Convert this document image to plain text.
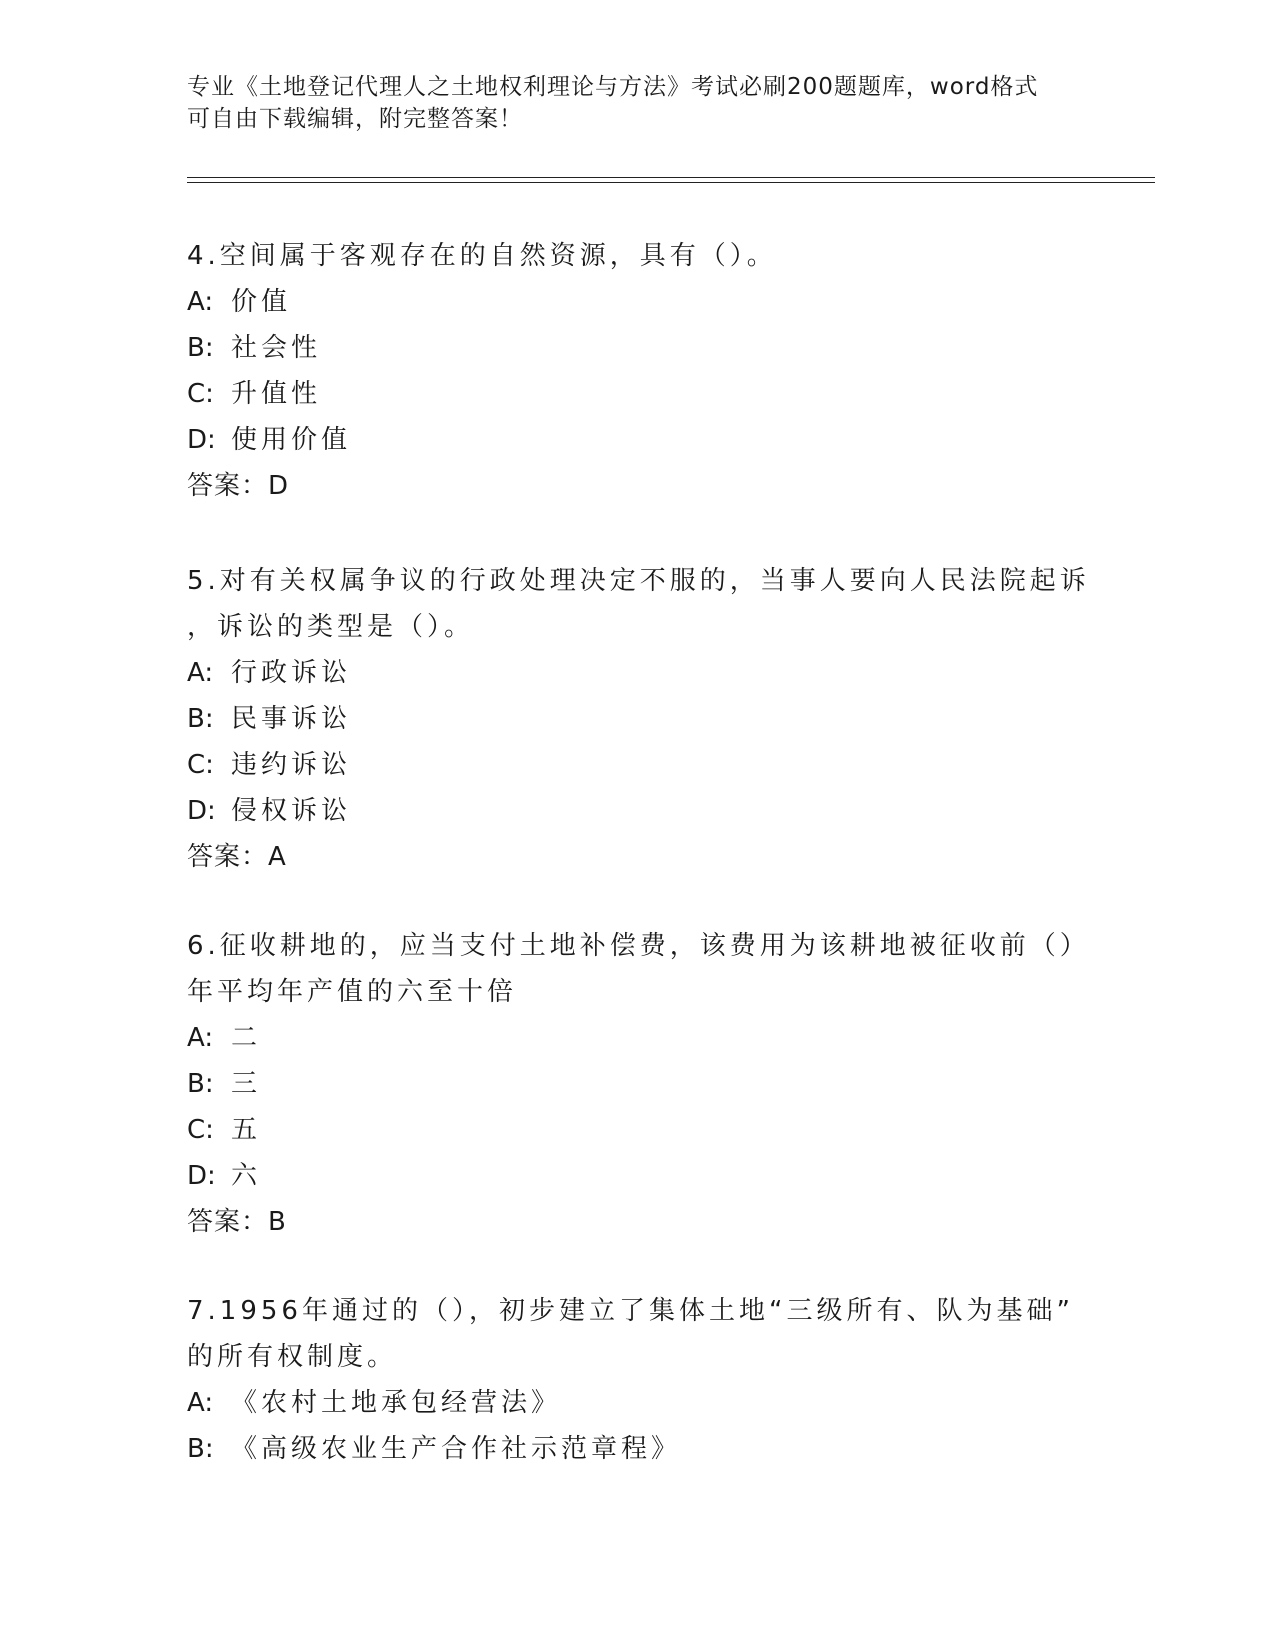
专业《土地登记代理人之土地权利理论与方法》考试必刷200题题库，word格式
可自由下载编辑，附完整答案！
4.空间属于客观存在的自然资源，具有（）。
A: 价值
B: 社会性
C: 升值性
D: 使用价值
答案：D
5.对有关权属争议的行政处理决定不服的，当事人要向人民法院起诉
，诉讼的类型是（）。
A: 行政诉讼
B: 民事诉讼
C: 违约诉讼
D: 侵权诉讼
答案：A
6.征收耕地的，应当支付土地补偿费，该费用为该耕地被征收前（）
年平均年产值的六至十倍
A: 二
B: 三
C: 五
D: 六
答案：B
7.1956年通过的（），初步建立了集体土地“三级所有、队为基础”
的所有权制度。
A: 《农村土地承包经营法》
B: 《高级农业生产合作社示范章程》
